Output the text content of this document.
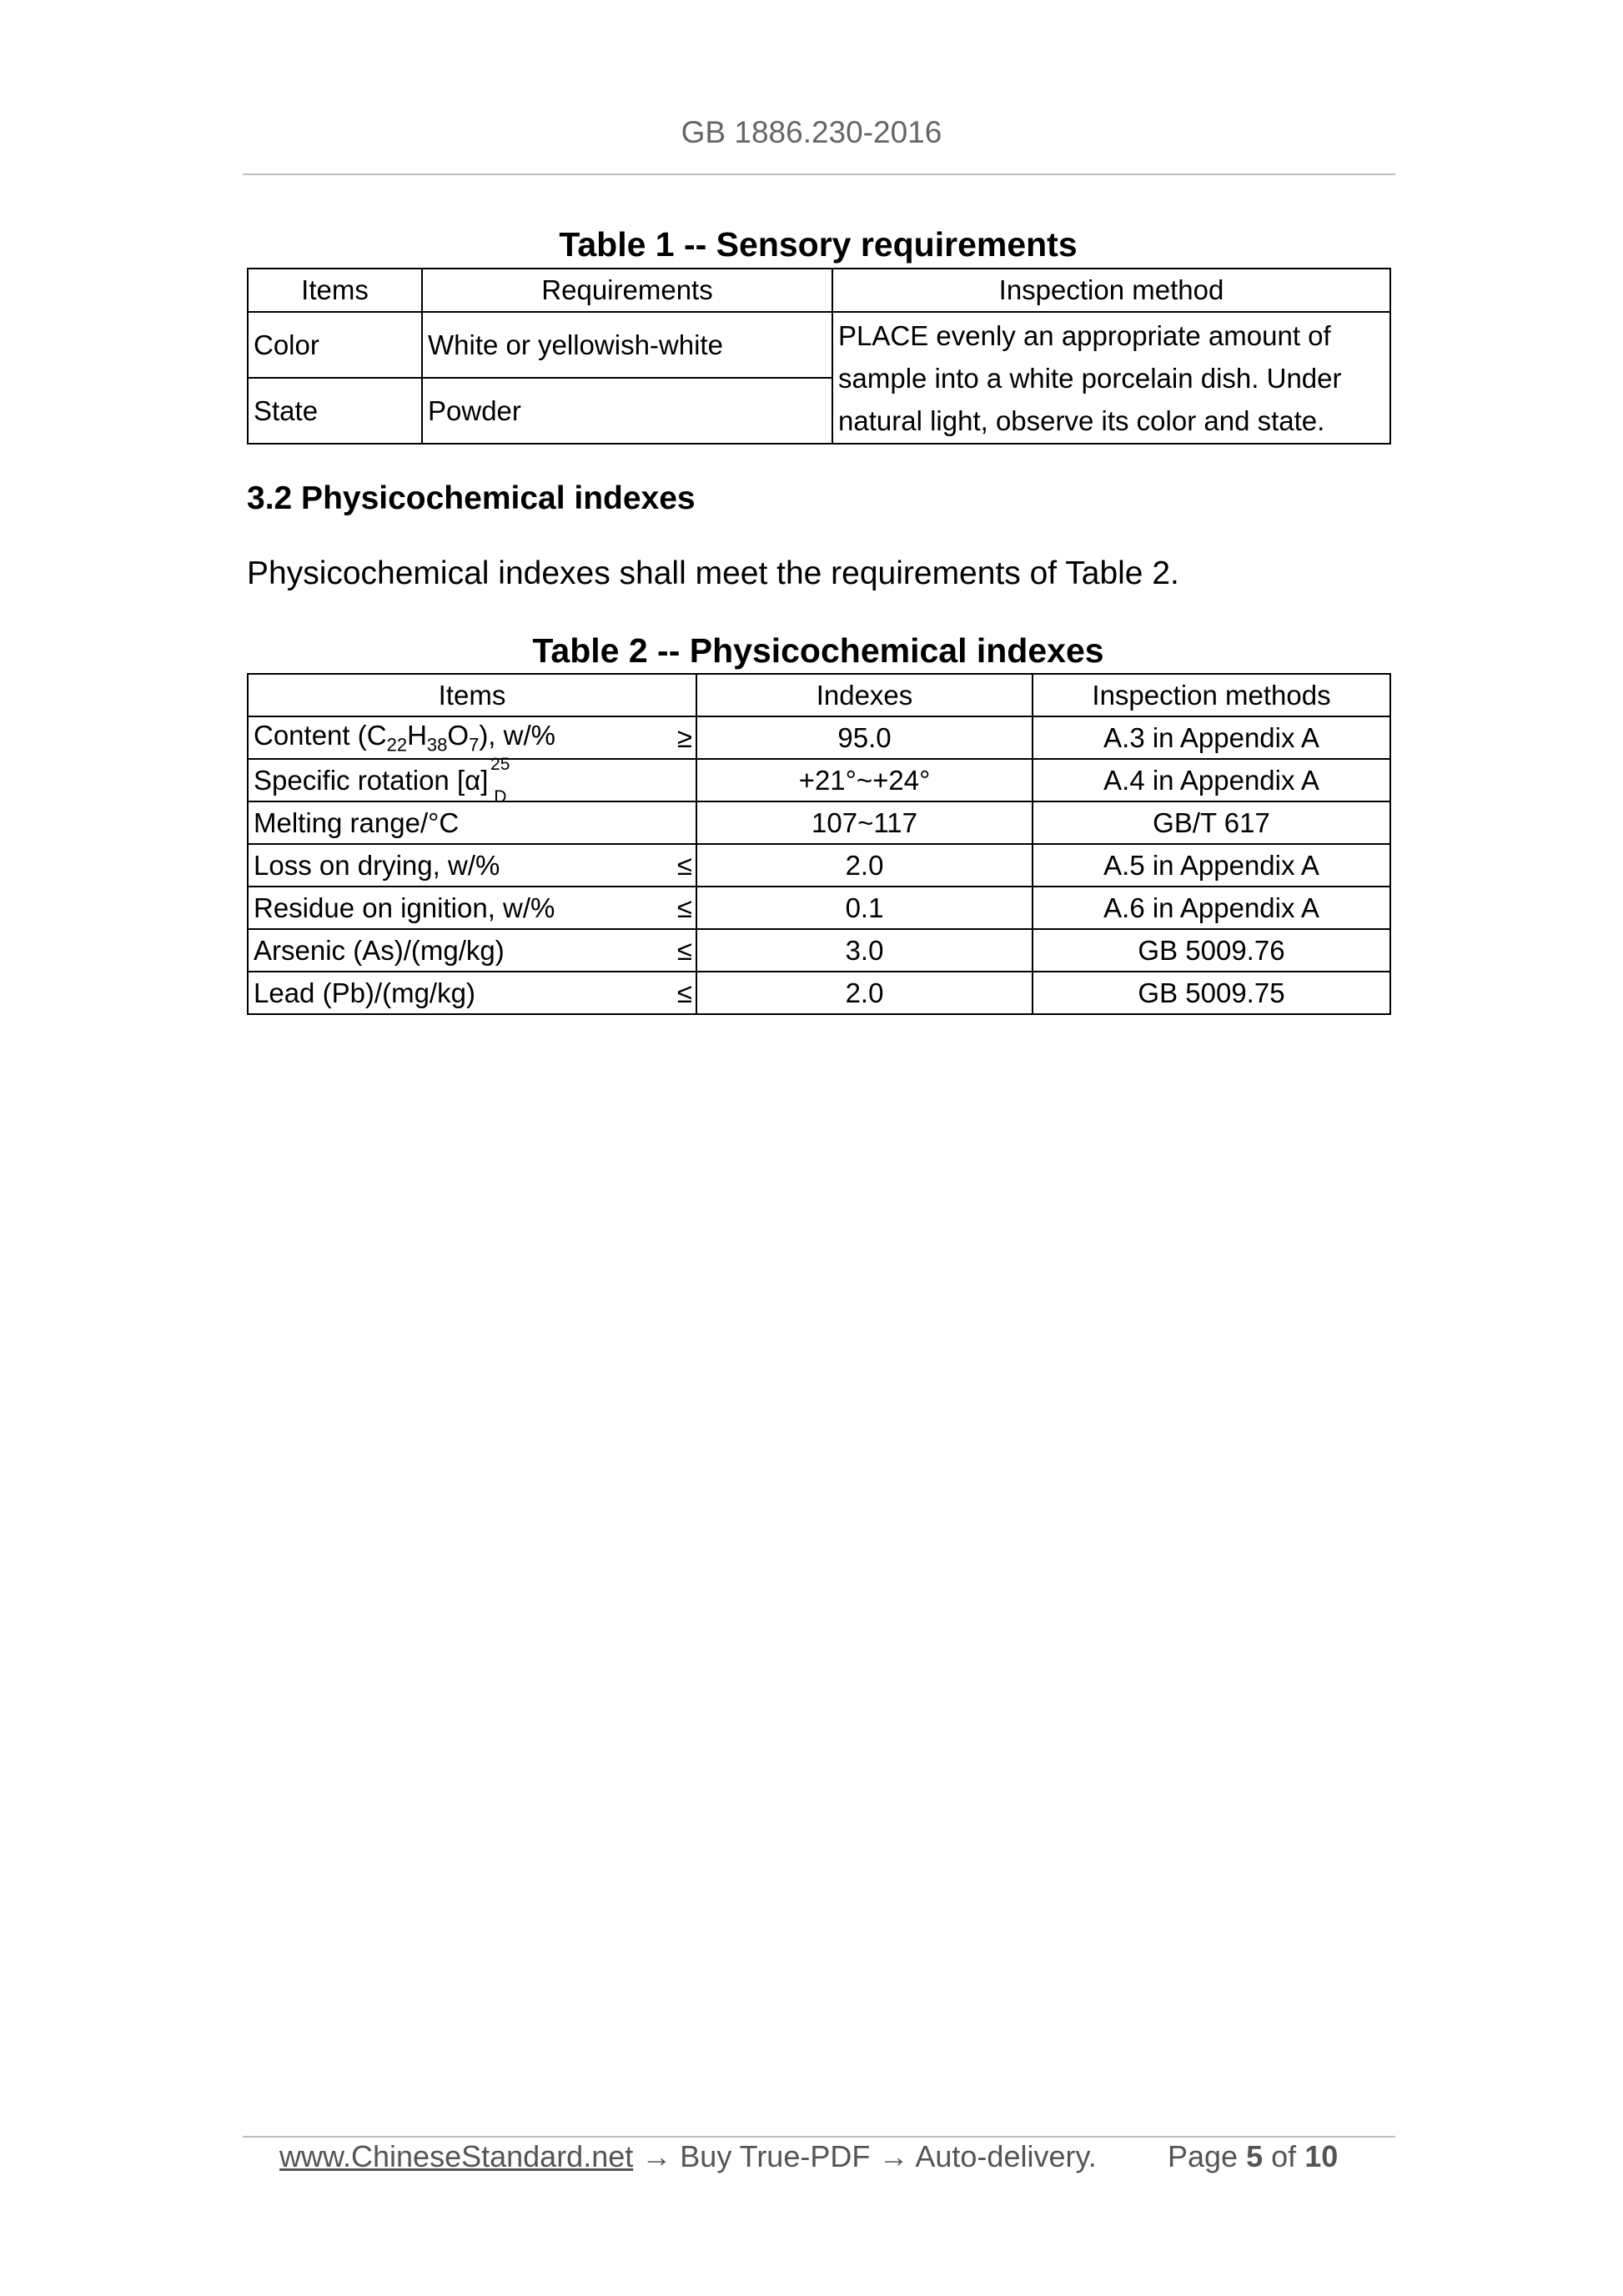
GB 1886.230-2016
Table 1 -- Sensory requirements
Items	Requirements	Inspection method
Color	White or yellowish-white	PLACE evenly an appropriate amount of sample into a white porcelain dish. Under natural light, observe its color and state.
State	Powder	
3.2 Physicochemical indexes
Physicochemical indexes shall meet the requirements of Table 2.
Table 2 -- Physicochemical indexes
Items	Indexes	Inspection methods
Content $(C_{22}H_{38}O_7)$, w/% ≥	95.0	A.3 in Appendix A
Specific rotation [α]
25
D	+21°~+24°	A.4 in Appendix A
Melting range/°C	107~117	GB/T 617
Loss on drying, w/% ≤	2.0	A.5 in Appendix A
Residue on ignition, w/% ≤	0.1	A.6 in Appendix A
Arsenic (As)/(mg/kg) ≤	3.0	GB 5009.76
Lead (Pb)/(mg/kg) ≤	2.0	GB 5009.75
www.ChineseStandard.net → Buy True-PDF → Auto-delivery. Page 5 of 10
